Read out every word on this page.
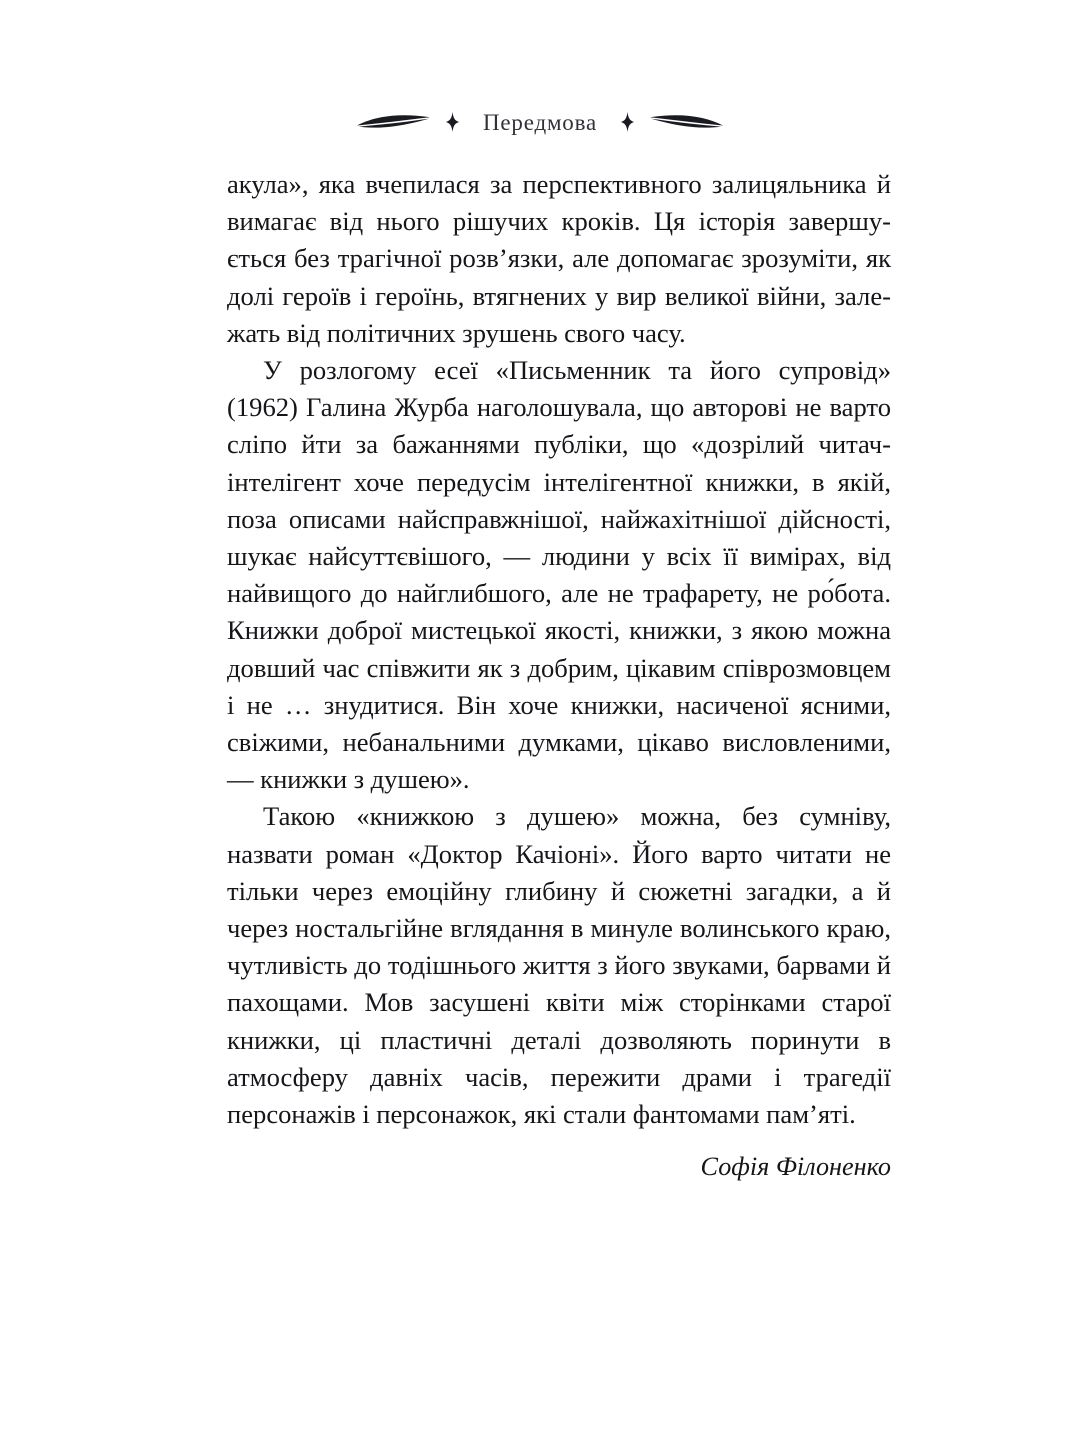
Передмова

акула», яка вчепилася за перспективного залицяльника й вимагає від нього рішучих кроків. Ця історія завершується без трагічної розв’язки, але допомагає зрозуміти, як долі героїв і героїнь, втягнених у вир великої війни, залежать від політичних зрушень свого часу.

У розлогому есеї «Письменник та його супровід» (1962) Галина Журба наголошувала, що авторові не варто сліпо йти за бажаннями публіки, що «дозрілий читач-інтелігент хоче передусім інтелігентної книжки, в якій, поза описами найсправжнішої, найжахітнішої дійсності, шукає найсуттєвішого, — людини у всіх її вимірах, від найвищого до найглибшого, але не трафарету, не ро́бота. Книжки доброї мистецької якості, книжки, з якою можна довший час співжити як з добрим, цікавим співрозмовцем і не … знудитися. Він хоче книжки, насиченої ясними, свіжими, небанальними думками, цікаво висловленими, — книжки з душею».

Такою «книжкою з душею» можна, без сумніву, назвати роман «Доктор Качіоні». Його варто читати не тільки через емоційну глибину й сюжетні загадки, а й через ностальгійне вглядання в минуле волинського краю, чутливість до тодішнього життя з його звуками, барвами й пахощами. Мов засушені квіти між сторінками старої книжки, ці пластичні деталі дозволяють поринути в атмосферу давніх часів, пережити драми і трагедії персонажів і персонажок, які стали фантомами пам’яті.

Софія Філоненко
